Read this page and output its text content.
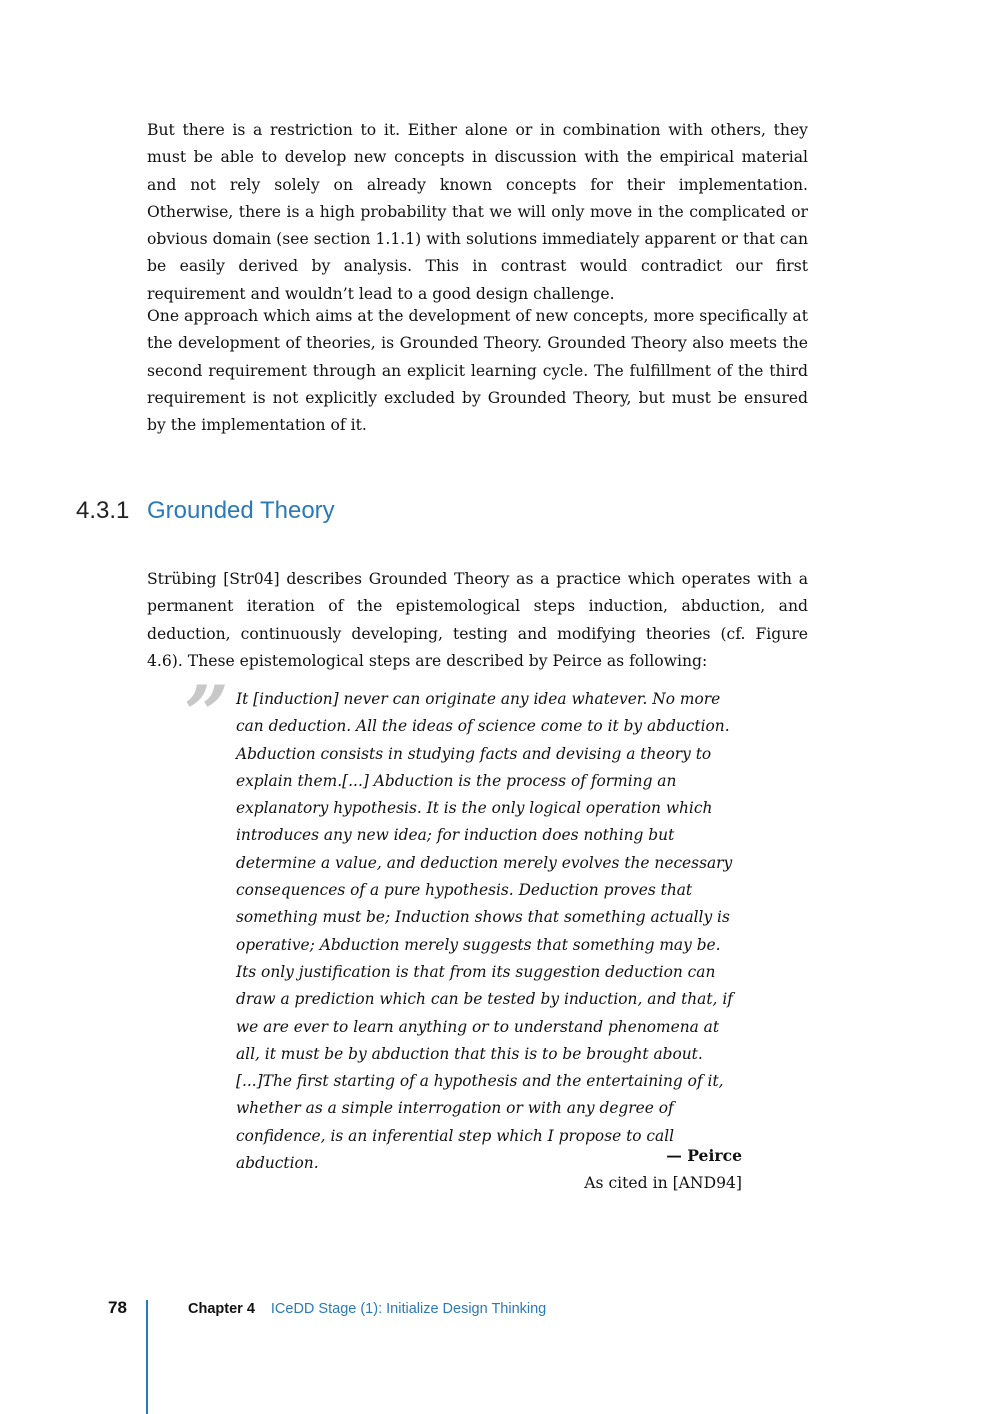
But there is a restriction to it. Either alone or in combination with others, they must be able to develop new concepts in discussion with the empirical material and not rely solely on already known concepts for their implementation. Otherwise, there is a high probability that we will only move in the complicated or obvious domain (see section 1.1.1) with solutions immediately apparent or that can be easily derived by analysis. This in contrast would contradict our first requirement and wouldn’t lead to a good design challenge.

One approach which aims at the development of new concepts, more specifically at the development of theories, is Grounded Theory. Grounded Theory also meets the second requirement through an explicit learning cycle. The fulfillment of the third requirement is not explicitly excluded by Grounded Theory, but must be ensured by the implementation of it.

4.3.1 Grounded Theory

Strübing [Str04] describes Grounded Theory as a practice which operates with a permanent iteration of the epistemological steps induction, abduction, and deduction, continuously developing, testing and modifying theories (cf. Figure 4.6). These epistemological steps are described by Peirce as following:

” It [induction] never can originate any idea whatever. No more can deduction. All the ideas of science come to it by abduction. Abduction consists in studying facts and devising a theory to explain them.[...] Abduction is the process of forming an explanatory hypothesis. It is the only logical operation which introduces any new idea; for induction does nothing but determine a value, and deduction merely evolves the necessary consequences of a pure hypothesis. Deduction proves that something must be; Induction shows that something actually is operative; Abduction merely suggests that something may be. Its only justification is that from its suggestion deduction can draw a prediction which can be tested by induction, and that, if we are ever to learn anything or to understand phenomena at all, it must be by abduction that this is to be brought about.[...]The first starting of a hypothesis and the entertaining of it, whether as a simple interrogation or with any degree of confidence, is an inferential step which I propose to call abduction.	— Peirce
As cited in [AND94]
78	Chapter 4 ICeDD Stage (1): Initialize Design Thinking
